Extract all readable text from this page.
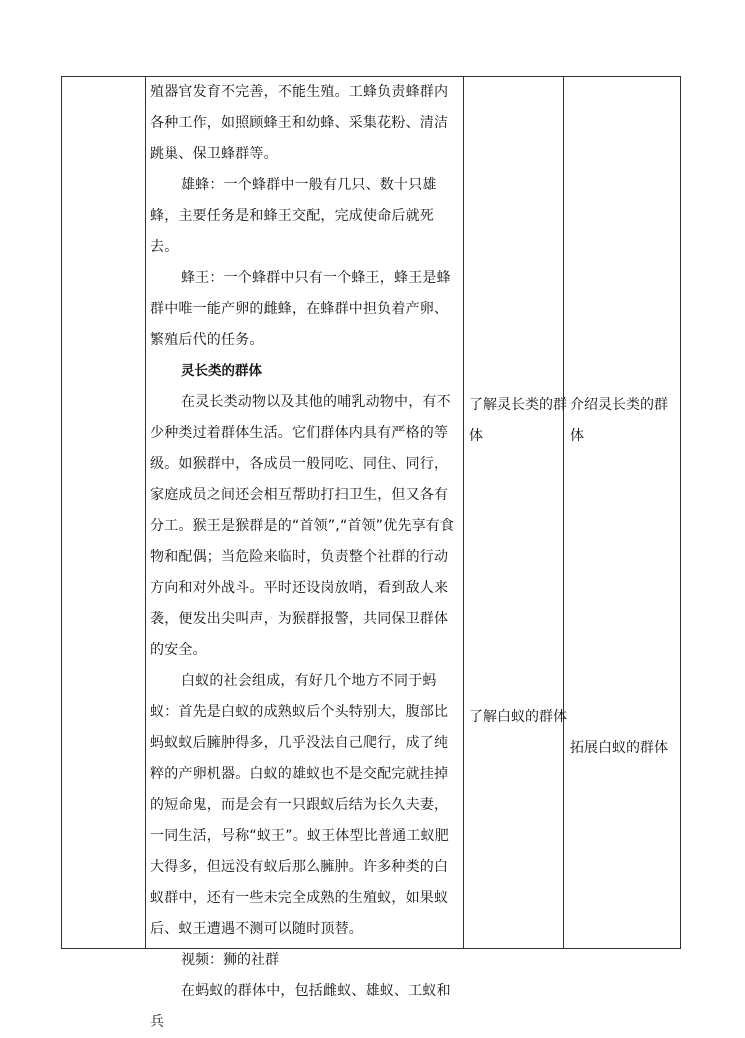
殖器官发育不完善，不能生殖。工蜂负责蜂群内各种工作，如照顾蜂王和幼蜂、采集花粉、清洁跳巢、保卫蜂群等。

雄蜂：一个蜂群中一般有几只、数十只雄蜂，主要任务是和蜂王交配，完成使命后就死去。

蜂王：一个蜂群中只有一个蜂王，蜂王是蜂群中唯一能产卵的雌蜂，在蜂群中担负着产卵、繁殖后代的任务。

灵长类的群体

在灵长类动物以及其他的哺乳动物中，有不少种类过着群体生活。它们群体内具有严格的等级。如猴群中，各成员一般同吃、同住、同行，家庭成员之间还会相互帮助打扫卫生，但又各有分工。猴王是猴群是的“首领”,“首领”优先享有食物和配偶；当危险来临时，负责整个社群的行动方向和对外战斗。平时还设岗放哨，看到敌人来袭，便发出尖叫声，为猴群报警，共同保卫群体的安全。

白蚁的社会组成，有好几个地方不同于蚂蚁：首先是白蚁的成熟蚁后个头特别大，腹部比蚂蚁蚁后臃肿得多，几乎没法自己爬行，成了纯粹的产卵机器。白蚁的雄蚁也不是交配完就挂掉的短命鬼，而是会有一只跟蚁后结为长久夫妻，一同生活，号称“蚁王”。蚁王体型比普通工蚁肥大得多，但远没有蚁后那么臃肿。许多种类的白蚁群中，还有一些未完全成熟的生殖蚁，如果蚁后、蚁王遭遇不测可以随时顶替。

视频：狮的社群

在蚂蚁的群体中，包括雌蚁、雄蚁、工蚁和兵

了解灵长类的群体
介绍灵长类的群体
了解白蚁的群体
拓展白蚁的群体
